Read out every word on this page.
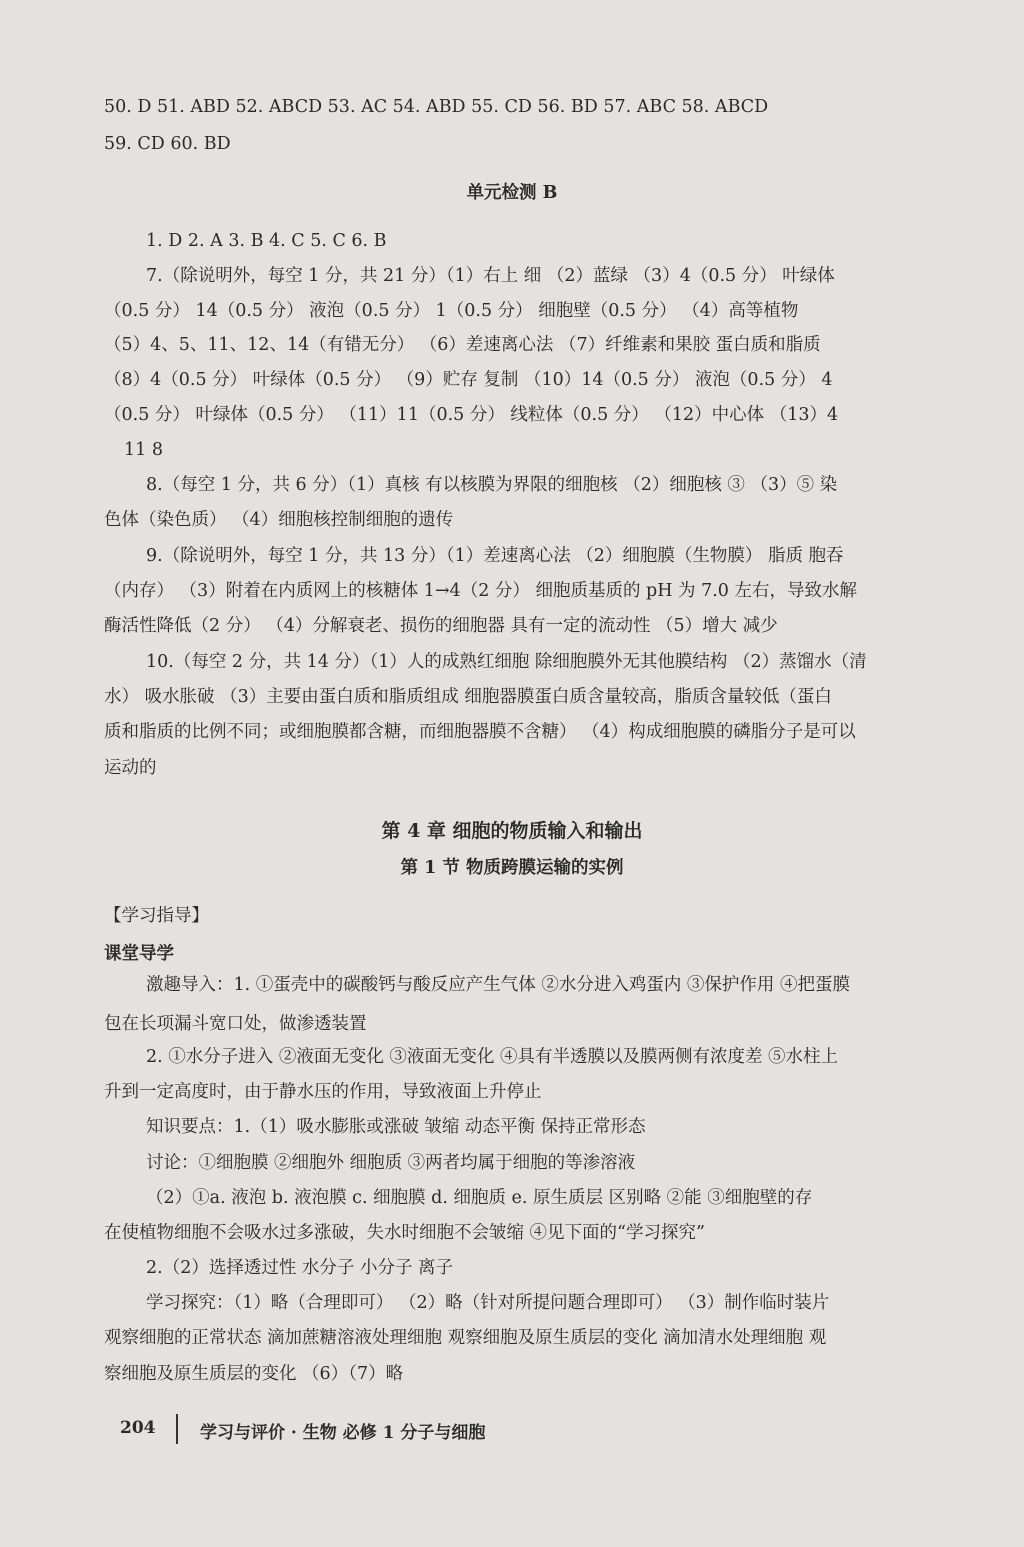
50. D 51. ABD 52. ABCD 53. AC 54. ABD 55. CD 56. BD 57. ABC 58. ABCD
59. CD 60. BD
单元检测 B
1. D 2. A 3. B 4. C 5. C 6. B
7.（除说明外，每空 1 分，共 21 分）（1）右上 细 （2）蓝绿 （3）4（0.5 分） 叶绿体
（0.5 分） 14（0.5 分） 液泡（0.5 分） 1（0.5 分） 细胞壁（0.5 分） （4）高等植物
（5）4、5、11、12、14（有错无分） （6）差速离心法 （7）纤维素和果胶 蛋白质和脂质
（8）4（0.5 分） 叶绿体（0.5 分） （9）贮存 复制 （10）14（0.5 分） 液泡（0.5 分） 4
（0.5 分） 叶绿体（0.5 分） （11）11（0.5 分） 线粒体（0.5 分） （12）中心体 （13）4
11 8
8.（每空 1 分，共 6 分）（1）真核 有以核膜为界限的细胞核 （2）细胞核 ③ （3）⑤ 染
色体（染色质） （4）细胞核控制细胞的遗传
9.（除说明外，每空 1 分，共 13 分）（1）差速离心法 （2）细胞膜（生物膜） 脂质 胞吞
（内存） （3）附着在内质网上的核糖体 1→4（2 分） 细胞质基质的 pH 为 7.0 左右，导致水解
酶活性降低（2 分） （4）分解衰老、损伤的细胞器 具有一定的流动性 （5）增大 减少
10.（每空 2 分，共 14 分）（1）人的成熟红细胞 除细胞膜外无其他膜结构 （2）蒸馏水（清
水） 吸水胀破 （3）主要由蛋白质和脂质组成 细胞器膜蛋白质含量较高，脂质含量较低（蛋白
质和脂质的比例不同；或细胞膜都含糖，而细胞器膜不含糖） （4）构成细胞膜的磷脂分子是可以
运动的
第 4 章 细胞的物质输入和输出
第 1 节 物质跨膜运输的实例
【学习指导】
课堂导学
激趣导入：1. ①蛋壳中的碳酸钙与酸反应产生气体 ②水分进入鸡蛋内 ③保护作用 ④把蛋膜
包在长项漏斗宽口处，做渗透装置
2. ①水分子进入 ②液面无变化 ③液面无变化 ④具有半透膜以及膜两侧有浓度差 ⑤水柱上
升到一定高度时，由于静水压的作用，导致液面上升停止
知识要点：1.（1）吸水膨胀或涨破 皱缩 动态平衡 保持正常形态
讨论：①细胞膜 ②细胞外 细胞质 ③两者均属于细胞的等渗溶液
（2）①a. 液泡 b. 液泡膜 c. 细胞膜 d. 细胞质 e. 原生质层 区别略 ②能 ③细胞壁的存
在使植物细胞不会吸水过多涨破，失水时细胞不会皱缩 ④见下面的“学习探究”
2.（2）选择透过性 水分子 小分子 离子
学习探究：（1）略（合理即可） （2）略（针对所提问题合理即可） （3）制作临时装片
观察细胞的正常状态 滴加蔗糖溶液处理细胞 观察细胞及原生质层的变化 滴加清水处理细胞 观
察细胞及原生质层的变化 （6）（7）略
204	学习与评价 · 生物 必修 1 分子与细胞
